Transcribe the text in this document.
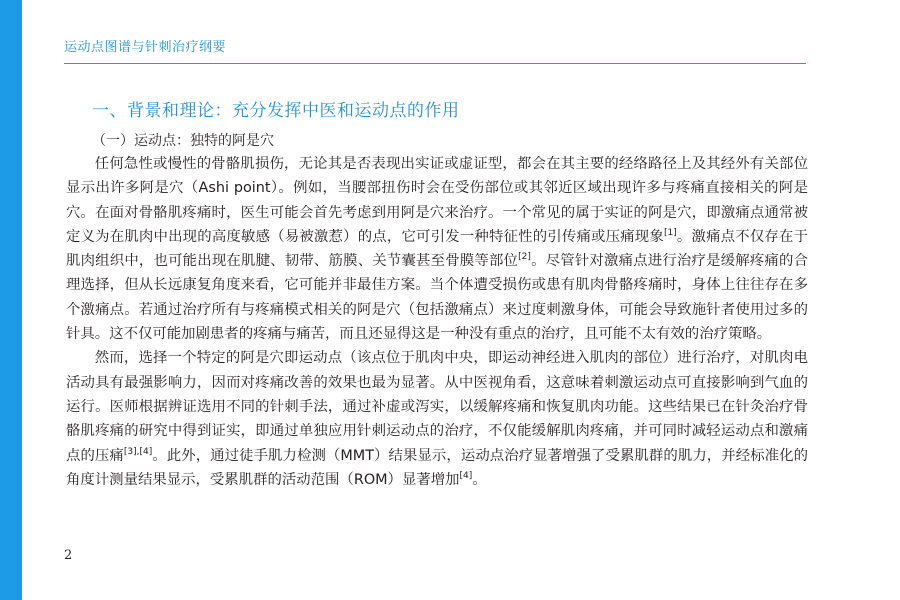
运动点图谱与针刺治疗纲要
一、背景和理论：充分发挥中医和运动点的作用
（一）运动点：独特的阿是穴

任何急性或慢性的骨骼肌损伤，无论其是否表现出实证或虚证型，都会在其主要的经络路径上及其经外有关部位显示出许多阿是穴（Ashi point）。例如，当腰部扭伤时会在受伤部位或其邻近区域出现许多与疼痛直接相关的阿是穴。在面对骨骼肌疼痛时，医生可能会首先考虑到用阿是穴来治疗。一个常见的属于实证的阿是穴，即激痛点通常被定义为在肌肉中出现的高度敏感（易被激惹）的点，它可引发一种特征性的引传痛或压痛现象[1]。激痛点不仅存在于肌肉组织中，也可能出现在肌腱、韧带、筋膜、关节囊甚至骨膜等部位[2]。尽管针对激痛点进行治疗是缓解疼痛的合理选择，但从长远康复角度来看，它可能并非最佳方案。当个体遭受损伤或患有肌肉骨骼疼痛时，身体上往往存在多个激痛点。若通过治疗所有与疼痛模式相关的阿是穴（包括激痛点）来过度刺激身体，可能会导致施针者使用过多的针具。这不仅可能加剧患者的疼痛与痛苦，而且还显得这是一种没有重点的治疗，且可能不太有效的治疗策略。

然而，选择一个特定的阿是穴即运动点（该点位于肌肉中央，即运动神经进入肌肉的部位）进行治疗，对肌肉电活动具有最强影响力，因而对疼痛改善的效果也最为显著。从中医视角看，这意味着刺激运动点可直接影响到气血的运行。医师根据辨证选用不同的针刺手法，通过补虚或泻实，以缓解疼痛和恢复肌肉功能。这些结果已在针灸治疗骨骼肌疼痛的研究中得到证实，即通过单独应用针刺运动点的治疗，不仅能缓解肌肉疼痛，并可同时减轻运动点和激痛点的压痛[3],[4]。此外，通过徒手肌力检测（MMT）结果显示，运动点治疗显著增强了受累肌群的肌力，并经标准化的角度计测量结果显示，受累肌群的活动范围（ROM）显著增加[4]。

2
